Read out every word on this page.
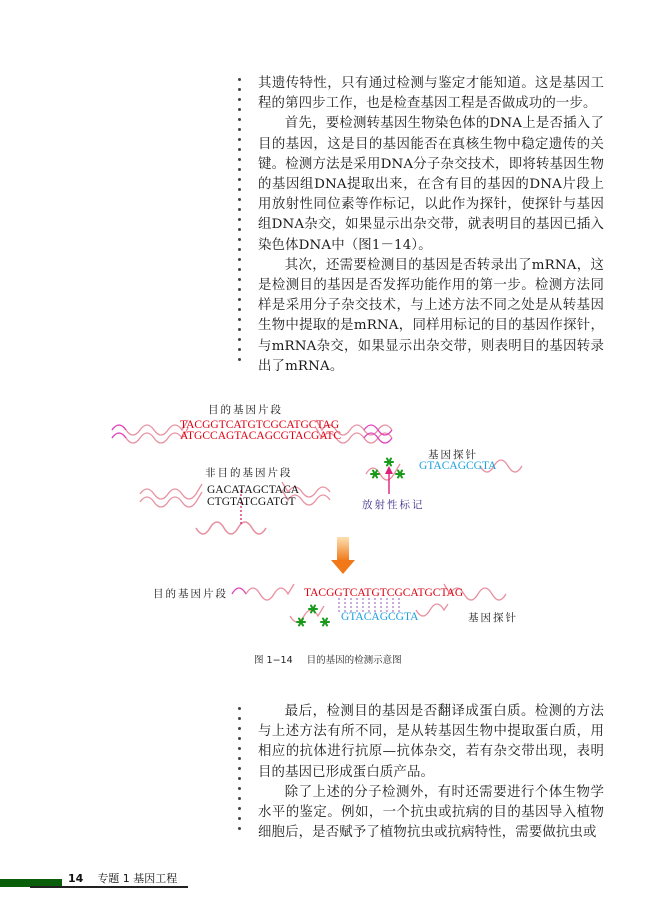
其遗传特性，只有通过检测与鉴定才能知道。这是基因工程的第四步工作，也是检查基因工程是否做成功的一步。

首先，要检测转基因生物染色体的DNA上是否插入了目的基因，这是目的基因能否在真核生物中稳定遗传的关键。检测方法是采用DNA分子杂交技术，即将转基因生物的基因组DNA提取出来，在含有目的基因的DNA片段上用放射性同位素等作标记，以此作为探针，使探针与基因组DNA杂交，如果显示出杂交带，就表明目的基因已插入染色体DNA中（图1－14）。

其次，还需要检测目的基因是否转录出了mRNA，这是检测目的基因是否发挥功能作用的第一步。检测方法同样是采用分子杂交技术，与上述方法不同之处是从转基因生物中提取的是mRNA，同样用标记的目的基因作探针，与mRNA杂交，如果显示出杂交带，则表明目的基因转录出了mRNA。

目的基因片段
TACGGTCATGTCGCATGCTAG
ATGCCAGTACAGCGTACGATC
非目的基因片段
GACATAGCTACA
CTGTATCGATGT
基因探针
GTACAGCGTA
放射性标记
目的基因片段	TACGGTCATGTCGCATGCTAG
GTACAGCGTA	基因探针
图 1−14 目的基因的检测示意图

最后，检测目的基因是否翻译成蛋白质。检测的方法与上述方法有所不同，是从转基因生物中提取蛋白质，用相应的抗体进行抗原—抗体杂交，若有杂交带出现，表明目的基因已形成蛋白质产品。

除了上述的分子检测外，有时还需要进行个体生物学水平的鉴定。例如，一个抗虫或抗病的目的基因导入植物细胞后，是否赋予了植物抗虫或抗病特性，需要做抗虫或

14 专题 1 基因工程
